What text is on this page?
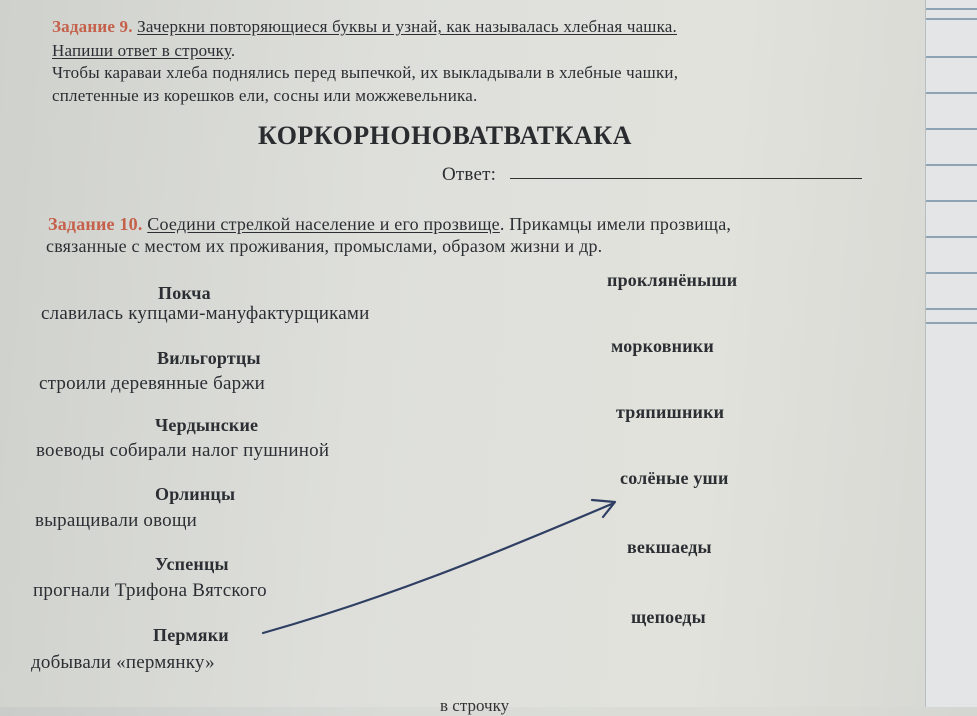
Задание 9. Зачеркни повторяющиеся буквы и узнай, как называлась хлебная чашка.
Напиши ответ в строчку.
Чтобы караваи хлеба поднялись перед выпечкой, их выкладывали в хлебные чашки,
сплетенные из корешков ели, сосны или можжевельника.
КОРКОРНОНОВАТВАТКАКА
Ответ:
Задание 10. Соедини стрелкой население и его прозвище. Прикамцы имели прозвища,
связанные с местом их проживания, промыслами, образом жизни и др.
Покча
славилась купцами-мануфактурщиками
Вильгортцы
строили деревянные баржи
Чердынские
воеводы собирали налог пушниной
Орлинцы
выращивали овощи
Успенцы
прогнали Трифона Вятского
Пермяки
добывали «пермянку»
проклянёныши
морковники
тряпишники
солёные уши
векшаеды
щепоеды
в строчку
